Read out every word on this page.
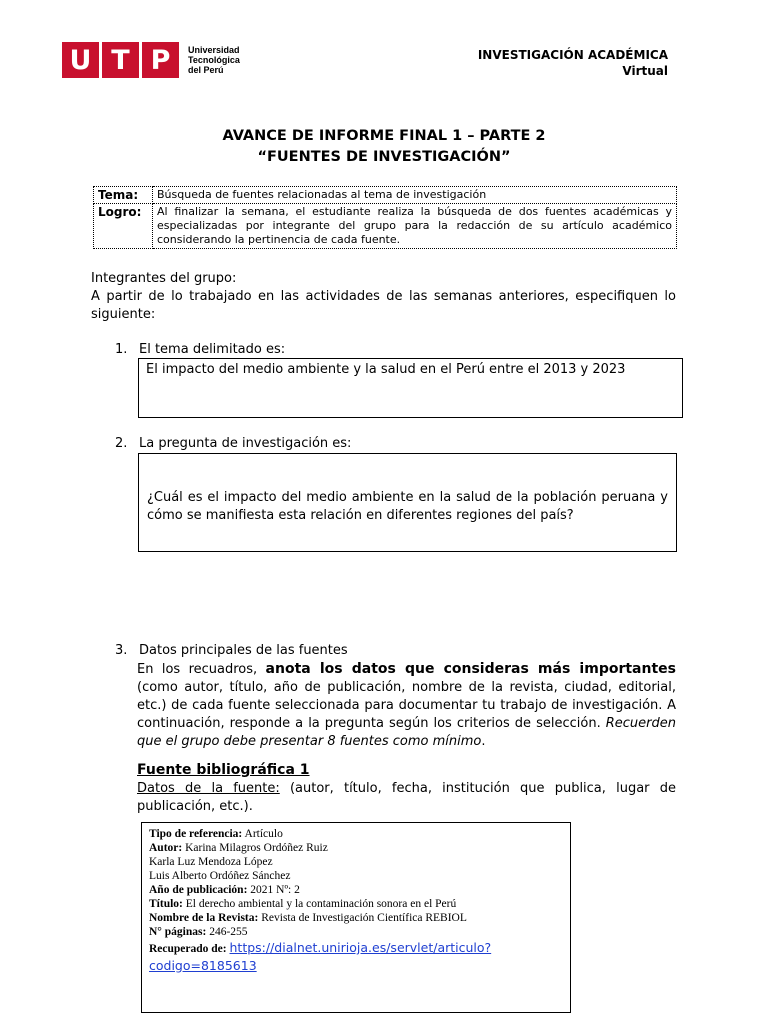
U T P	Universidad
Tecnológica
del Perú
INVESTIGACIÓN ACADÉMICA
Virtual
AVANCE DE INFORME FINAL 1 – PARTE 2
“FUENTES DE INVESTIGACIÓN”
Tema:	Búsqueda de fuentes relacionadas al tema de investigación
Logro:	Al finalizar la semana, el estudiante realiza la búsqueda de dos fuentes académicas y especializadas por integrante del grupo para la redacción de su artículo académico considerando la pertinencia de cada fuente.
Integrantes del grupo:
A partir de lo trabajado en las actividades de las semanas anteriores, especifiquen lo siguiente:
1. El tema delimitado es:
El impacto del medio ambiente y la salud en el Perú entre el 2013 y 2023
2. La pregunta de investigación es:
¿Cuál es el impacto del medio ambiente en la salud de la población peruana y cómo se manifiesta esta relación en diferentes regiones del país?
3. Datos principales de las fuentes
En los recuadros, anota los datos que consideras más importantes (como autor, título, año de publicación, nombre de la revista, ciudad, editorial, etc.) de cada fuente seleccionada para documentar tu trabajo de investigación. A continuación, responde a la pregunta según los criterios de selección. Recuerden que el grupo debe presentar 8 fuentes como mínimo.
Fuente bibliográfica 1
Datos de la fuente: (autor, título, fecha, institución que publica, lugar de publicación, etc.).
Tipo de referencia: Artículo
Autor: Karina Milagros Ordóñez Ruiz
Karla Luz Mendoza López
Luis Alberto Ordóñez Sánchez
Año de publicación: 2021 Nº: 2
Título: El derecho ambiental y la contaminación sonora en el Perú
Nombre de la Revista: Revista de Investigación Científica REBIOL
N° páginas: 246-255
Recuperado de: https://dialnet.unirioja.es/servlet/articulo?
codigo=8185613
